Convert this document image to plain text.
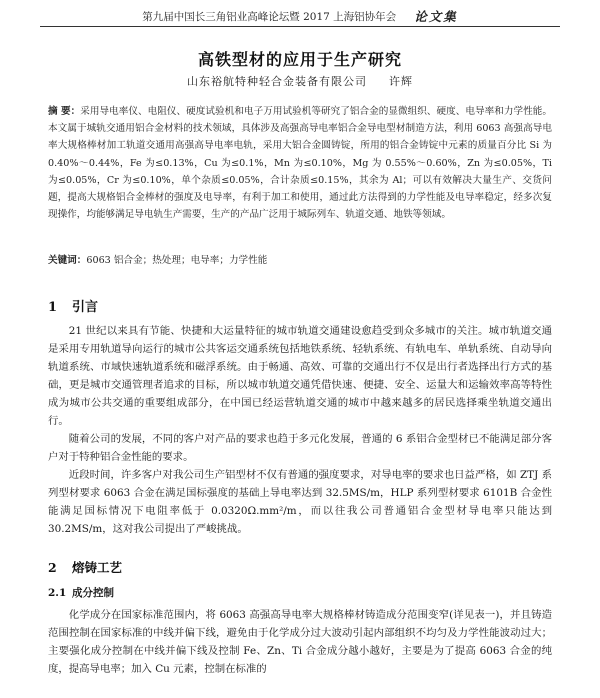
第九届中国长三角铝业高峰论坛暨 2017 上海铝协年会 论文集
高铁型材的应用于生产研究
山东裕航特种轻合金装备有限公司 许辉
摘 要：采用导电率仪、电阻仪、硬度试验机和电子万用试验机等研究了铝合金的显微组织、硬度、电导率和力学性能。本文属于城轨交通用铝合金材料的技术领域，具体涉及高强高导电率铝合金导电型材制造方法，利用 6063 高强高导电率大规格棒材加工轨道交通用高强高导电率电轨，采用大铝合金圆铸锭，所用的铝合金铸锭中元素的质量百分比 Si 为 0.40%～0.44%，Fe 为≤0.13%，Cu 为≤0.1%，Mn 为≤0.10%，Mg 为 0.55%～0.60%，Zn 为≤0.05%，Ti 为≤0.05%，Cr 为≤0.10%，单个杂质≤0.05%，合计杂质≤0.15%，其余为 Al；可以有效解决大量生产、交货问题，提高大规格铝合金棒材的强度及电导率，有利于加工和使用，通过此方法得到的力学性能及电导率稳定，经多次复现操作，均能够满足导电轨生产需要，生产的产品广泛用于城际列车、轨道交通、地铁等领域。
关键词：6063 铝合金；热处理；电导率；力学性能
1 引言
21 世纪以来具有节能、快捷和大运量特征的城市轨道交通建设愈趋受到众多城市的关注。城市轨道交通是采用专用轨道导向运行的城市公共客运交通系统包括地铁系统、轻轨系统、有轨电车、单轨系统、自动导向轨道系统、市域快速轨道系统和磁浮系统。由于畅通、高效、可靠的交通出行不仅是出行者选择出行方式的基础，更是城市交通管理者追求的目标，所以城市轨道交通凭借快速、便捷、安全、运量大和运输效率高等特性成为城市公共交通的重要组成部分，在中国已经运营轨道交通的城市中越来越多的居民选择乘坐轨道交通出行。
随着公司的发展，不同的客户对产品的要求也趋于多元化发展，普通的 6 系铝合金型材已不能满足部分客户对于特种铝合金性能的要求。
近段时间，许多客户对我公司生产铝型材不仅有普通的强度要求，对导电率的要求也日益严格，如 ZTJ 系列型材要求 6063 合金在满足国标强度的基础上导电率达到 32.5MS/m，HLP 系列型材要求 6101B 合金性能满足国标情况下电阻率低于 0.0320Ω.mm²/m，而以往我公司普通铝合金型材导电率只能达到 30.2MS/m，这对我公司提出了严峻挑战。
2 熔铸工艺
2.1 成分控制
化学成分在国家标准范围内，将 6063 高强高导电率大规格棒材铸造成分范围变窄(详见表一)，并且铸造范围控制在国家标准的中线并偏下线，避免由于化学成分过大波动引起内部组织不均匀及力学性能波动过大；主要强化成分控制在中线并偏下线及控制 Fe、Zn、Ti 合金成分越小越好，主要是为了提高 6063 合金的纯度，提高导电率；加入 Cu 元素，控制在标准的
